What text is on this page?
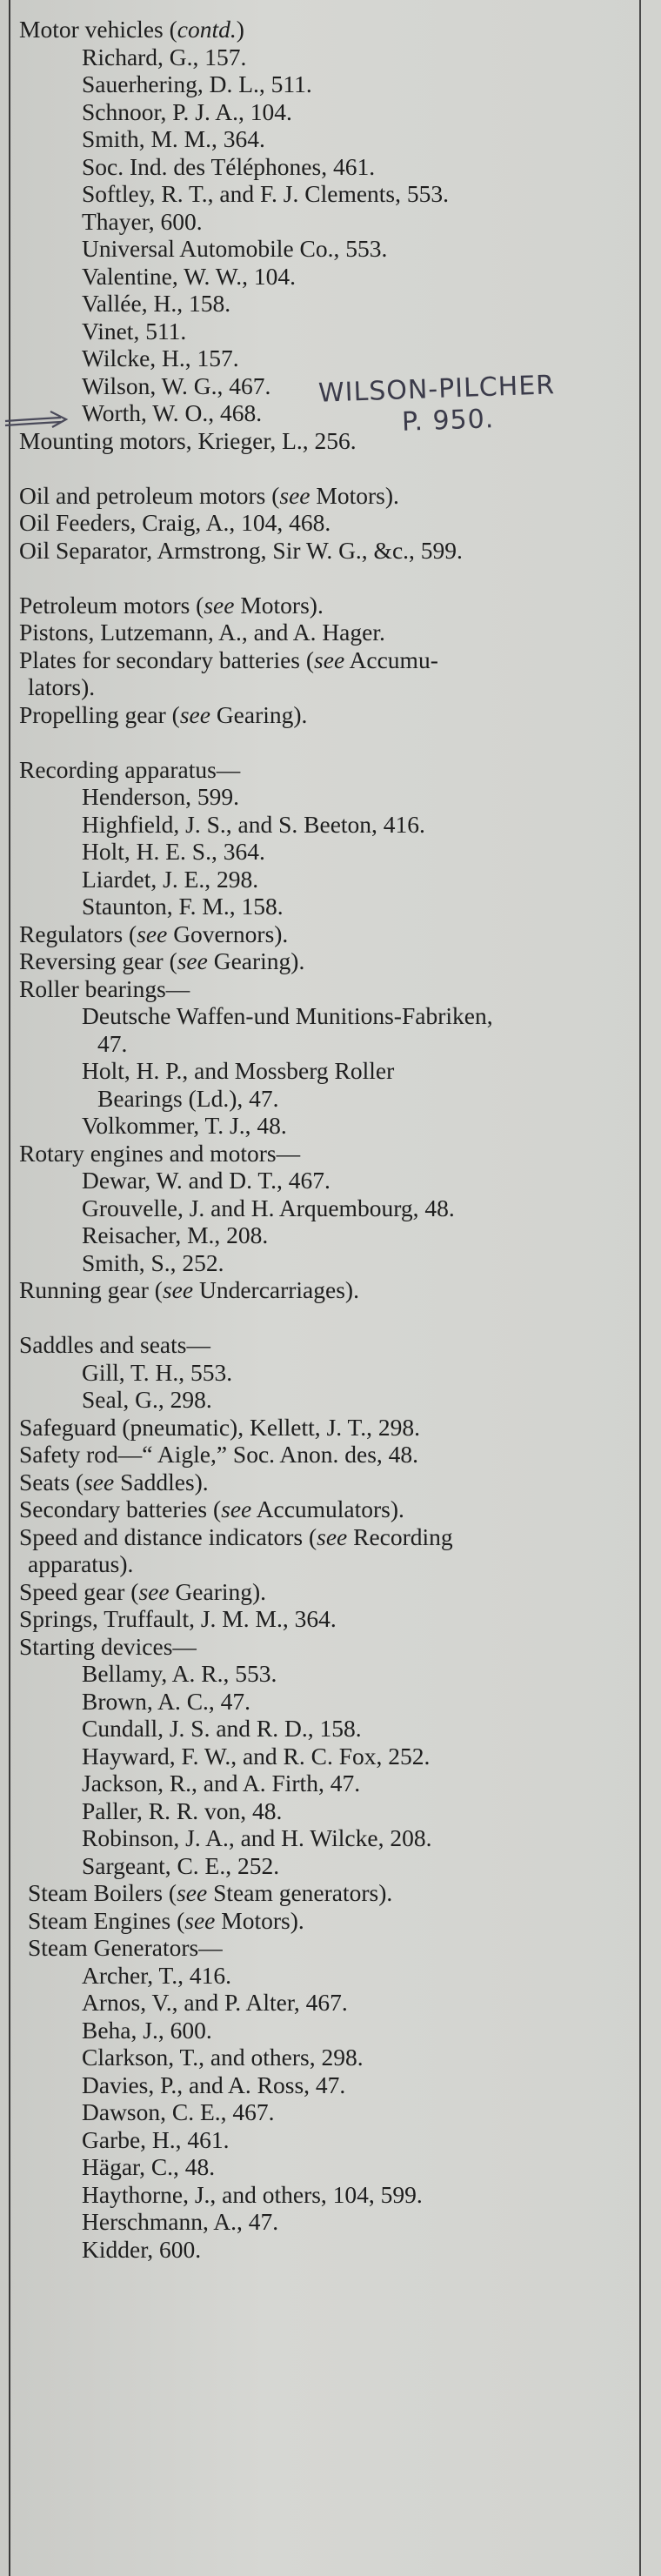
Motor vehicles (contd.)
Richard, G., 157.
Sauerhering, D. L., 511.
Schnoor, P. J. A., 104.
Smith, M. M., 364.
Soc. Ind. des Téléphones, 461.
Softley, R. T., and F. J. Clements, 553.
Thayer, 600.
Universal Automobile Co., 553.
Valentine, W. W., 104.
Vallée, H., 158.
Vinet, 511.
Wilcke, H., 157.
Wilson, W. G., 467.
Worth, W. O., 468.
Mounting motors, Krieger, L., 256.
Oil and petroleum motors (see Motors).
Oil Feeders, Craig, A., 104, 468.
Oil Separator, Armstrong, Sir W. G., &c., 599.
Petroleum motors (see Motors).
Pistons, Lutzemann, A., and A. Hager.
Plates for secondary batteries (see Accumu-
lators).
Propelling gear (see Gearing).
Recording apparatus—
Henderson, 599.
Highfield, J. S., and S. Beeton, 416.
Holt, H. E. S., 364.
Liardet, J. E., 298.
Staunton, F. M., 158.
Regulators (see Governors).
Reversing gear (see Gearing).
Roller bearings—
Deutsche Waffen-und Munitions-Fabriken,
47.
Holt, H. P., and Mossberg Roller
Bearings (Ld.), 47.
Volkommer, T. J., 48.
Rotary engines and motors—
Dewar, W. and D. T., 467.
Grouvelle, J. and H. Arquembourg, 48.
Reisacher, M., 208.
Smith, S., 252.
Running gear (see Undercarriages).
Saddles and seats—
Gill, T. H., 553.
Seal, G., 298.
Safeguard (pneumatic), Kellett, J. T., 298.
Safety rod—“ Aigle,” Soc. Anon. des, 48.
Seats (see Saddles).
Secondary batteries (see Accumulators).
Speed and distance indicators (see Recording
apparatus).
Speed gear (see Gearing).
Springs, Truffault, J. M. M., 364.
Starting devices—
Bellamy, A. R., 553.
Brown, A. C., 47.
Cundall, J. S. and R. D., 158.
Hayward, F. W., and R. C. Fox, 252.
Jackson, R., and A. Firth, 47.
Paller, R. R. von, 48.
Robinson, J. A., and H. Wilcke, 208.
Sargeant, C. E., 252.
Steam Boilers (see Steam generators).
Steam Engines (see Motors).
Steam Generators—
Archer, T., 416.
Arnos, V., and P. Alter, 467.
Beha, J., 600.
Clarkson, T., and others, 298.
Davies, P., and A. Ross, 47.
Dawson, C. E., 467.
Garbe, H., 461.
Hägar, C., 48.
Haythorne, J., and others, 104, 599.
Herschmann, A., 47.
Kidder, 600.
WILSON-PILCHER
P. 950.
